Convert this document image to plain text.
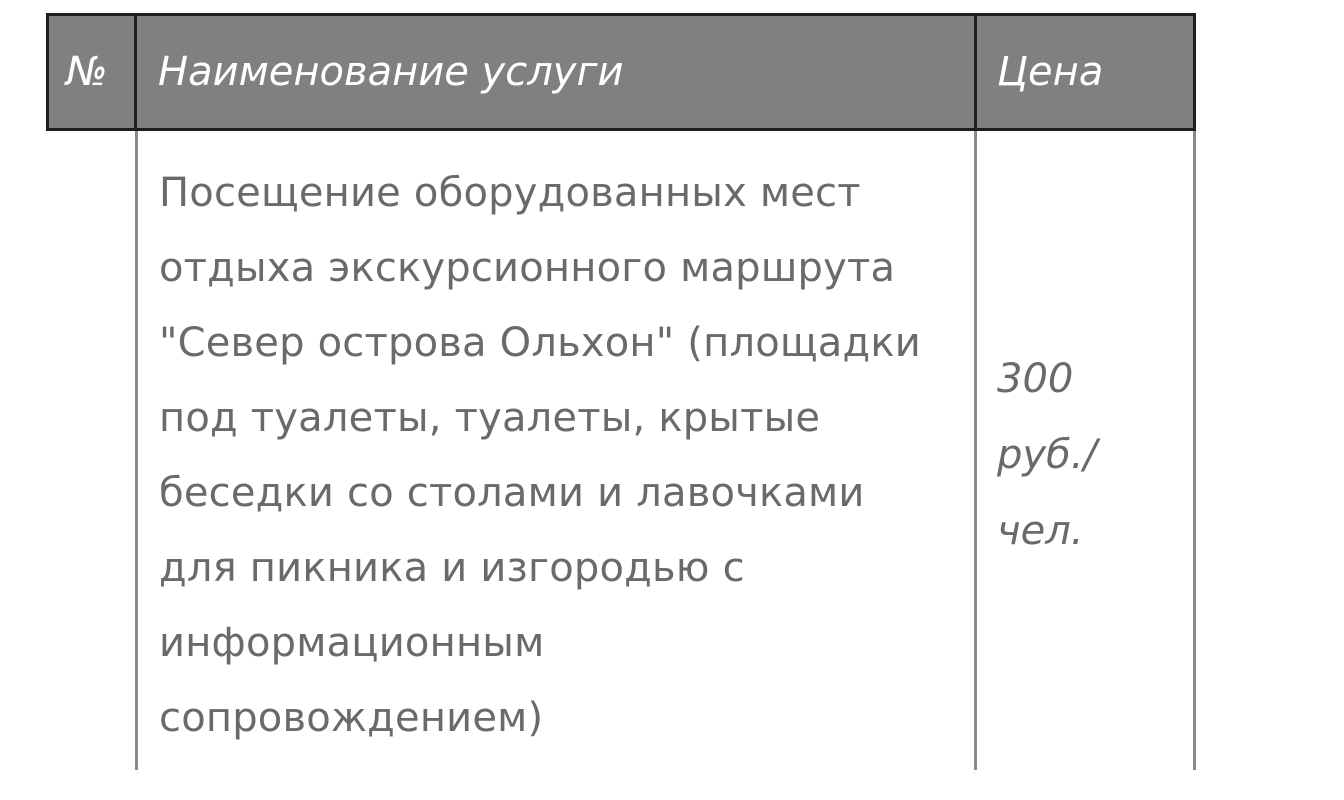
№ Наименование услуги	Цена
Посещение оборудованных мест
отдыха экскурсионного маршрута
"Север острова Ольхон" (площадки
под туалеты, туалеты, крытые
беседки со столами и лавочками
для пикника и изгородью с
информационным
сопровождением)
300
руб./
чел.
